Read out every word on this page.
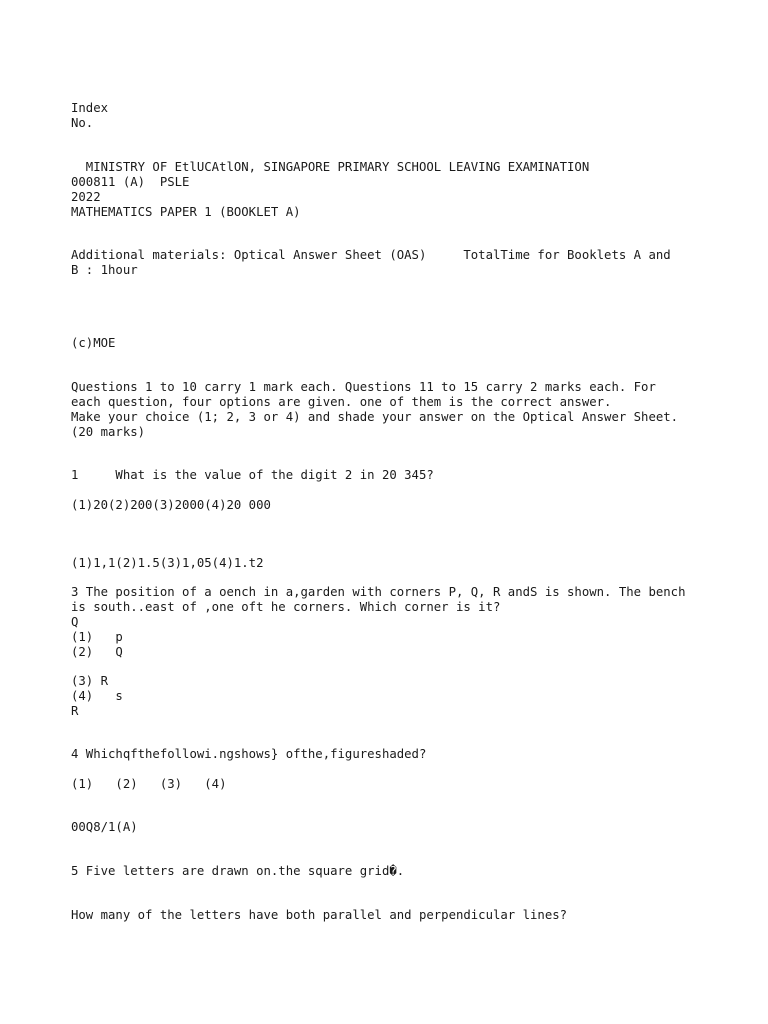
Index
No.
MINISTRY OF EtlUCAtlON, SINGAPORE PRIMARY SCHOOL LEAVING EXAMINATION
000811 (A)  PSLE
2022
MATHEMATICS PAPER 1 (BOOKLET A)
Additional materials: Optical Answer Sheet (OAS)     TotalTime for Booklets A and
B : 1hour
(c)MOE
Questions 1 to 10 carry 1 mark each. Questions 11 to 15 carry 2 marks each. For
each question, four options are given. one of them is the correct answer.
Make your choice (1; 2, 3 or 4) and shade your answer on the Optical Answer Sheet.
(20 marks)
1     What is the value of the digit 2 in 20 345?
(1)20(2)200(3)2000(4)20 000
(1)1,1(2)1.5(3)1,05(4)1.t2
3 The position of a oench in a,garden with corners P, Q, R andS is shown. The bench
is south..east of ,one oft he corners. Which corner is it?
Q
(1)   p
(2)   Q
(3) R
(4)   s
R
4 Whichqfthefollowi.ngshows} ofthe,figureshaded?
(1)   (2)   (3)   (4)
00Q8/1(A)
5 Five letters are drawn on.the square grid�.
How many of the letters have both parallel and perpendicular lines?
